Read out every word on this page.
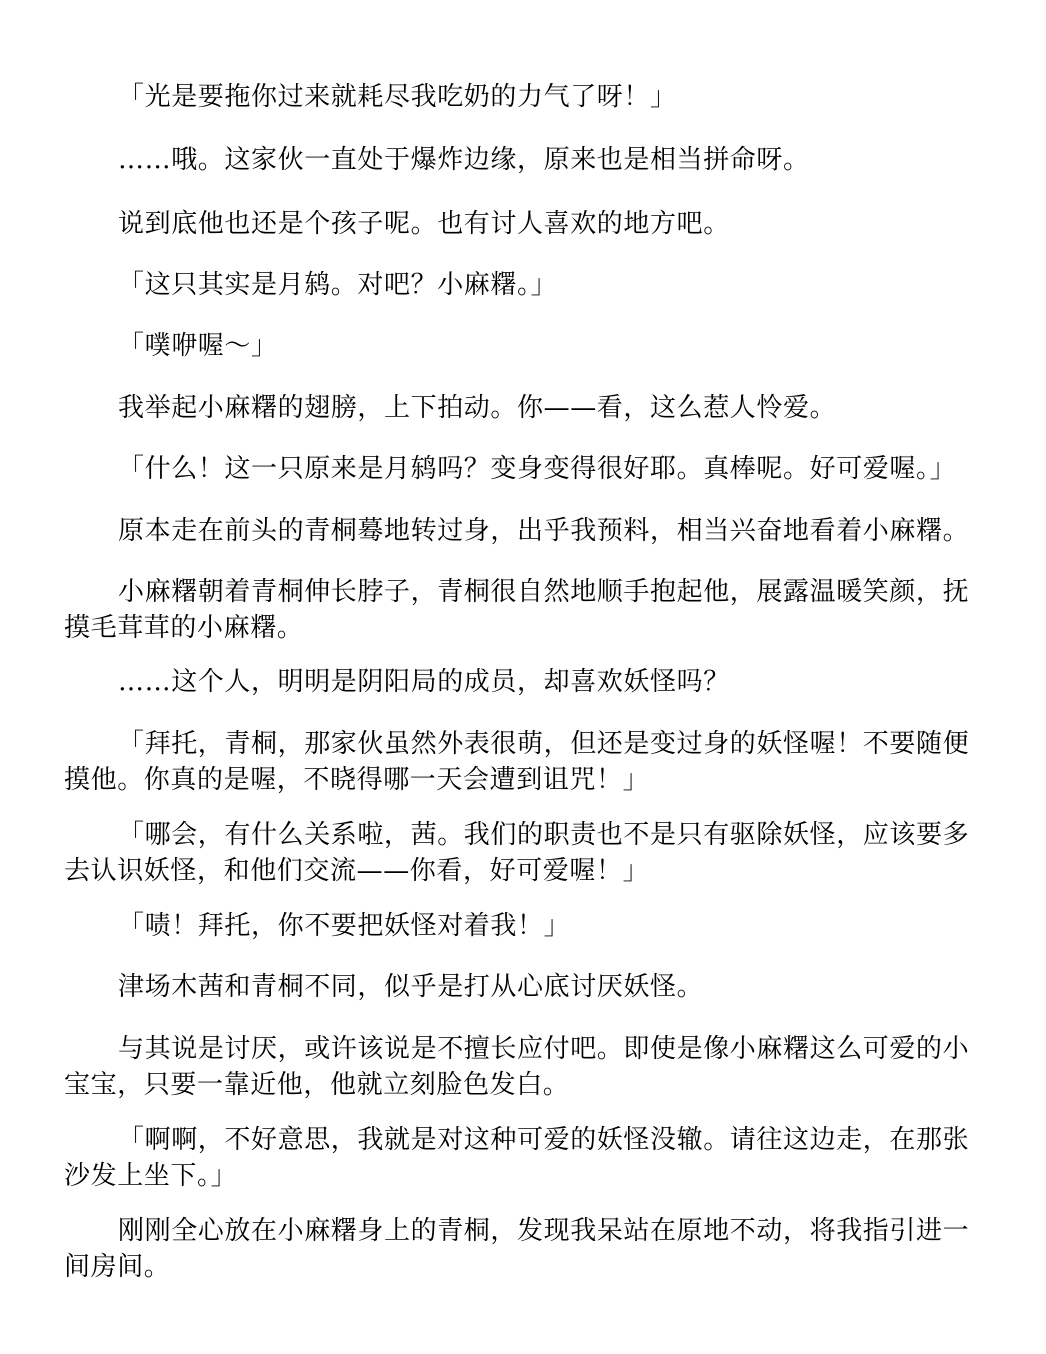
「光是要拖你过来就耗尽我吃奶的力气了呀！」

……哦。这家伙一直处于爆炸边缘，原来也是相当拼命呀。

说到底他也还是个孩子呢。也有讨人喜欢的地方吧。

「这只其实是月鸫。对吧？小麻糬。」

「噗咿喔～」

我举起小麻糬的翅膀，上下拍动。你——看，这么惹人怜爱。

「什么！这一只原来是月鸫吗？变身变得很好耶。真棒呢。好可爱喔。」

原本走在前头的青桐蓦地转过身，出乎我预料，相当兴奋地看着小麻糬。

小麻糬朝着青桐伸长脖子，青桐很自然地顺手抱起他，展露温暖笑颜，抚摸毛茸茸的小麻糬。

……这个人，明明是阴阳局的成员，却喜欢妖怪吗？

「拜托，青桐，那家伙虽然外表很萌，但还是变过身的妖怪喔！不要随便摸他。你真的是喔，不晓得哪一天会遭到诅咒！」

「哪会，有什么关系啦，茜。我们的职责也不是只有驱除妖怪，应该要多去认识妖怪，和他们交流——你看，好可爱喔！」

「啧！拜托，你不要把妖怪对着我！」

津场木茜和青桐不同，似乎是打从心底讨厌妖怪。

与其说是讨厌，或许该说是不擅长应付吧。即使是像小麻糬这么可爱的小宝宝，只要一靠近他，他就立刻脸色发白。

「啊啊，不好意思，我就是对这种可爱的妖怪没辙。请往这边走，在那张沙发上坐下。」

刚刚全心放在小麻糬身上的青桐，发现我呆站在原地不动，将我指引进一间房间。
